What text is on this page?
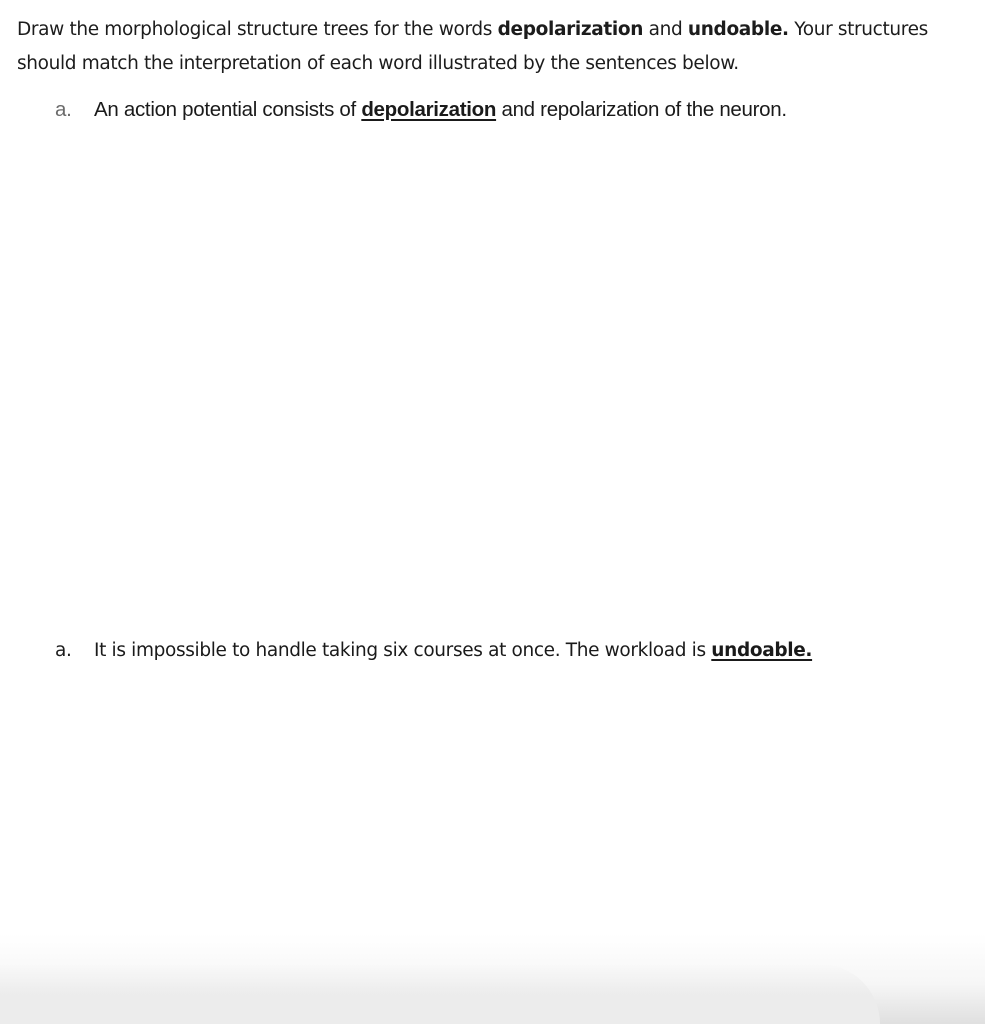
Draw the morphological structure trees for the words depolarization and undoable. Your structures should match the interpretation of each word illustrated by the sentences below.

a.	An action potential consists of depolarization and repolarization of the neuron.
a.	It is impossible to handle taking six courses at once. The workload is undoable.
